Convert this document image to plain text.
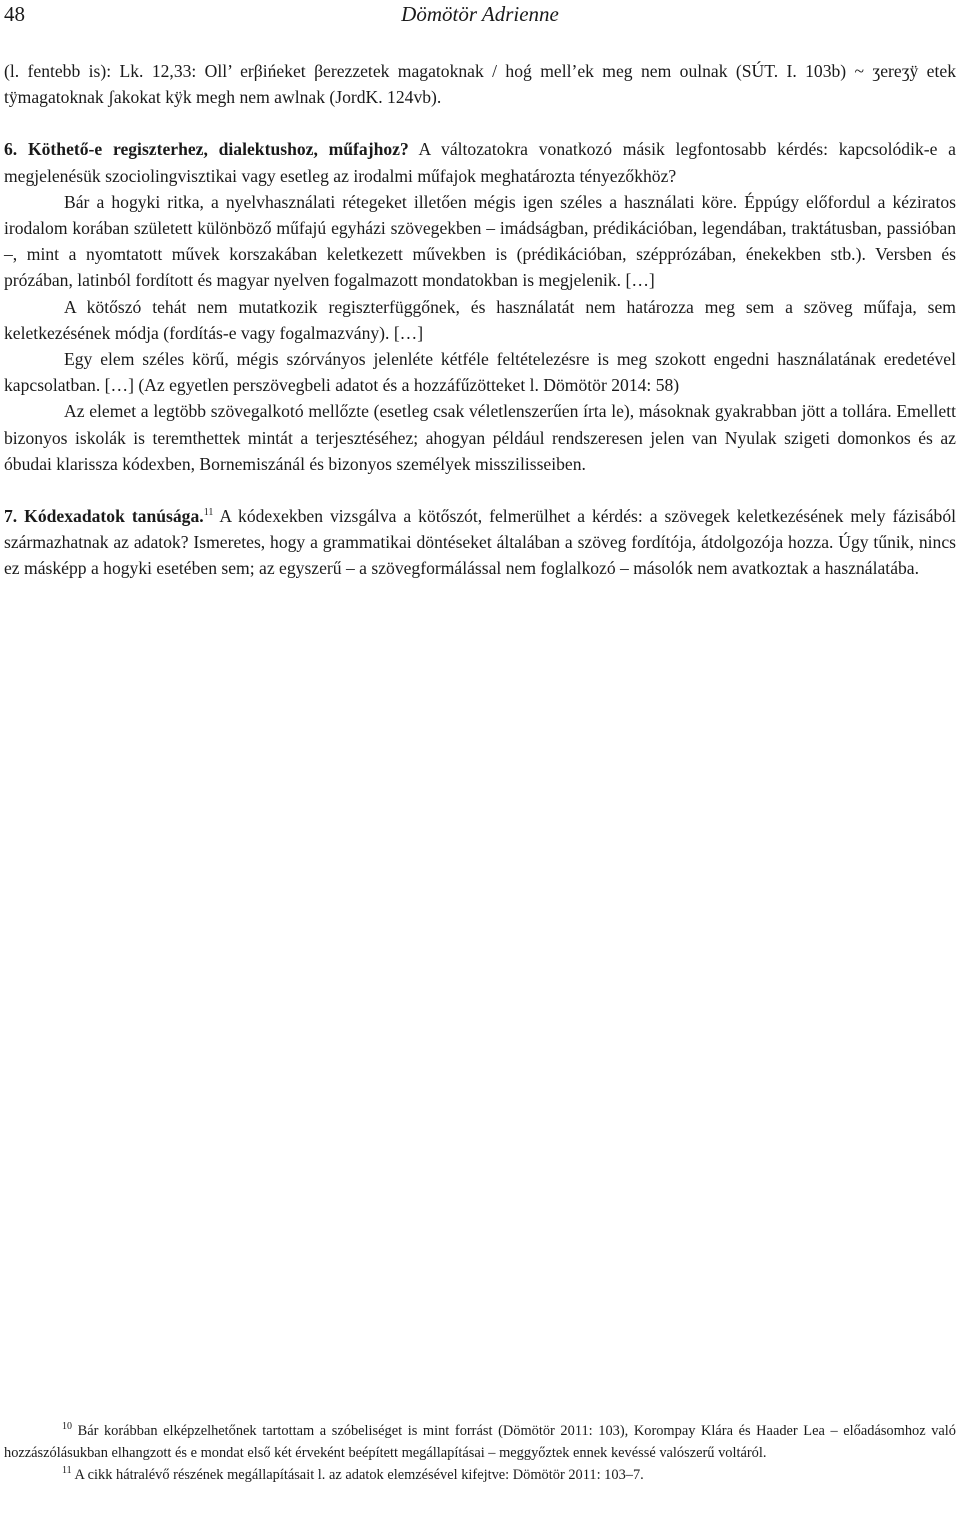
48	Dömötör Adrienne

(l. fentebb is): Lk. 12,33: Oll’ erβińeket βerezzetek magatoknak / hoǵ mell’ek meg nem oulnak (SÚT. I. 103b) ~ ʒereʒÿ etek tÿmagatoknak ʃakokat kÿk megh nem awlnak (JordK. 124vb).

6. Köthető-e regiszterhez, dialektushoz, műfajhoz? A változatokra vonatkozó másik legfontosabb kérdés: kapcsolódik-e a megjelenésük szociolingvisztikai vagy esetleg az irodalmi műfajok meghatározta tényezőkhöz?

Bár a hogyki ritka, a nyelvhasználati rétegeket illetően mégis igen széles a használati köre. Éppúgy előfordul a kéziratos irodalom korában született különböző műfajú egyházi szövegekben – imádságban, prédikációban, legendában, traktátusban, passióban –, mint a nyomtatott művek korszakában keletkezett művekben is (prédikációban, szépprózában, énekekben stb.). Versben és prózában, latinból fordított és magyar nyelven fogalmazott mondatokban is megjelenik. […]

A kötőszó tehát nem mutatkozik regiszterfüggőnek, és használatát nem határozza meg sem a szöveg műfaja, sem keletkezésének módja (fordítás-e vagy fogalmazvány). […]

Egy elem széles körű, mégis szórványos jelenléte kétféle feltételezésre is meg szokott engedni használatának eredetével kapcsolatban. […] (Az egyetlen perszövegbeli adatot és a hozzáfűzötteket l. Dömötör 2014: 58)

Az elemet a legtöbb szövegalkotó mellőzte (esetleg csak véletlenszerűen írta le), másoknak gyakrabban jött a tollára. Emellett bizonyos iskolák is teremthettek mintát a terjesztéséhez; ahogyan például rendszeresen jelen van Nyulak szigeti domonkos és az óbudai klarissza kódexben, Bornemiszánál és bizonyos személyek misszilisseiben.

7. Kódexadatok tanúsága.$^{11}$ A kódexekben vizsgálva a kötőszót, felmerülhet a kérdés: a szövegek keletkezésének mely fázisából származhatnak az adatok? Ismeretes, hogy a grammatikai döntéseket általában a szöveg fordítója, átdolgozója hozza. Úgy tűnik, nincs ez másképp a hogyki esetében sem; az egyszerű – a szövegformálással nem foglalkozó – másolók nem avatkoztak a használatába.

$^{10}$ Bár korábban elképzelhetőnek tartottam a szóbeliséget is mint forrást (Dömötör 2011: 103), Korompay Klára és Haader Lea – előadásomhoz való hozzászólásukban elhangzott és e mondat első két érveként beépített megállapításai – meggyőztek ennek kevéssé valószerű voltáról.

$^{11}$ A cikk hátralévő részének megállapításait l. az adatok elemzésével kifejtve: Dömötör 2011: 103–7.
